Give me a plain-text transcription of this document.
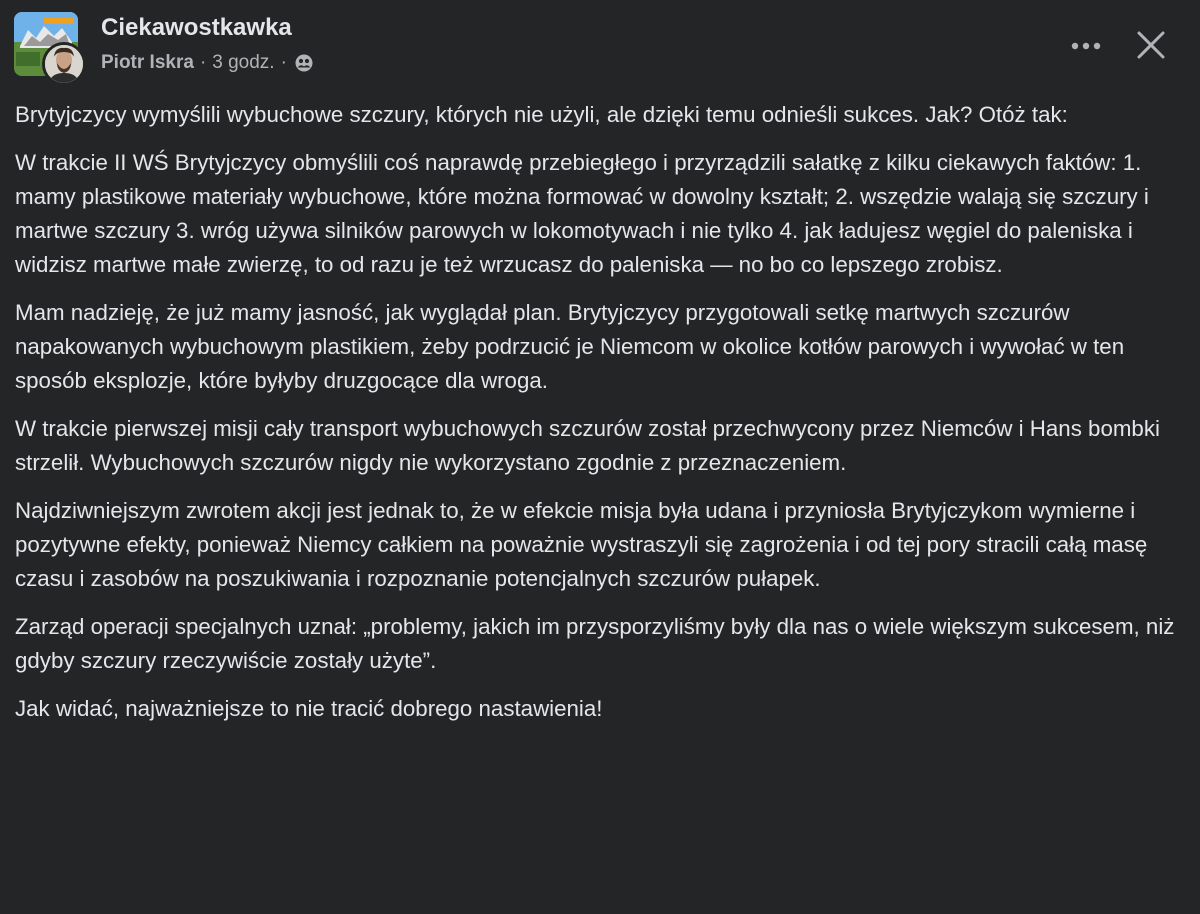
Ciekawostkawka
Piotr Iskra · 3 godz. ·

Brytyjczycy wymyślili wybuchowe szczury, których nie użyli, ale dzięki temu odnieśli sukces. Jak? Otóż tak:

W trakcie II WŚ Brytyjczycy obmyślili coś naprawdę przebiegłego i przyrządzili sałatkę z kilku ciekawych faktów: 1. mamy plastikowe materiały wybuchowe, które można formować w dowolny kształt; 2. wszędzie walają się szczury i martwe szczury 3. wróg używa silników parowych w lokomotywach i nie tylko 4. jak ładujesz węgiel do paleniska i widzisz martwe małe zwierzę, to od razu je też wrzucasz do paleniska — no bo co lepszego zrobisz.

Mam nadzieję, że już mamy jasność, jak wyglądał plan. Brytyjczycy przygotowali setkę martwych szczurów napakowanych wybuchowym plastikiem, żeby podrzucić je Niemcom w okolice kotłów parowych i wywołać w ten sposób eksplozje, które byłyby druzgocące dla wroga.

W trakcie pierwszej misji cały transport wybuchowych szczurów został przechwycony przez Niemców i Hans bombki strzelił. Wybuchowych szczurów nigdy nie wykorzystano zgodnie z przeznaczeniem.

Najdziwniejszym zwrotem akcji jest jednak to, że w efekcie misja była udana i przyniosła Brytyjczykom wymierne i pozytywne efekty, ponieważ Niemcy całkiem na poważnie wystraszyli się zagrożenia i od tej pory stracili całą masę czasu i zasobów na poszukiwania i rozpoznanie potencjalnych szczurów pułapek.

Zarząd operacji specjalnych uznał: „problemy, jakich im przysporzyliśmy były dla nas o wiele większym sukcesem, niż gdyby szczury rzeczywiście zostały użyte”.

Jak widać, najważniejsze to nie tracić dobrego nastawienia!
